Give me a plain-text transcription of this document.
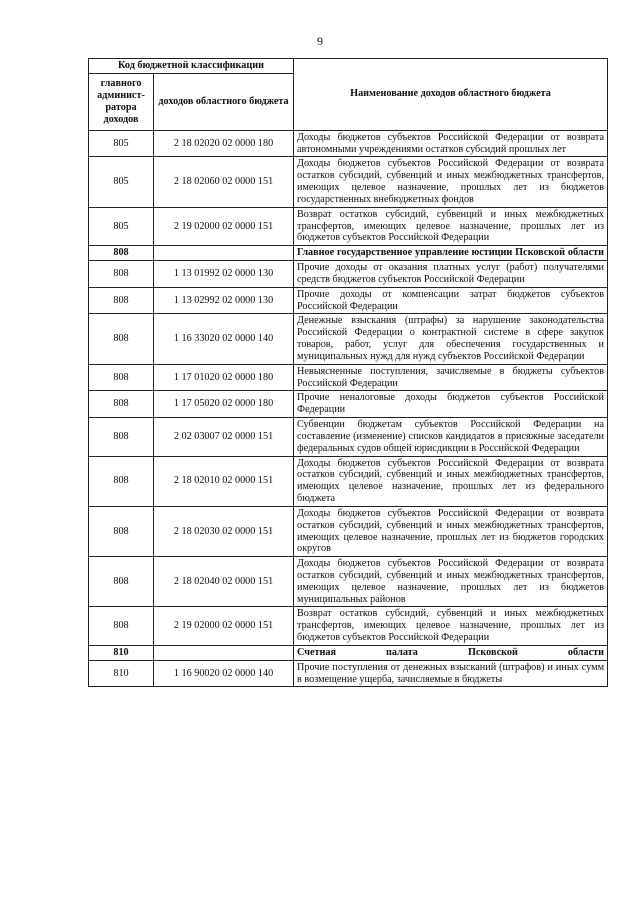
9
Код бюджетной классификации		Наименование доходов областного бюджета
главного админист-ратора доходов	доходов областного бюджета	
805	2 18 02020 02 0000 180	Доходы бюджетов субъектов Российской Федерации от возврата автономными учреждениями остатков субсидий прошлых лет
805	2 18 02060 02 0000 151	Доходы бюджетов субъектов Российской Федерации от возврата остатков субсидий, субвенций и иных межбюджетных трансфертов, имеющих целевое назначение, прошлых лет из бюджетов государственных внебюджетных фондов
805	2 19 02000 02 0000 151	Возврат остатков субсидий, субвенций и иных межбюджетных трансфертов, имеющих целевое назначение, прошлых лет из бюджетов субъектов Российской Федерации
808		Главное государственное управление юстиции Псковской области
808	1 13 01992 02 0000 130	Прочие доходы от оказания платных услуг (работ) получателями средств бюджетов субъектов Российской Федерации
808	1 13 02992 02 0000 130	Прочие доходы от компенсации затрат бюджетов субъектов Российской Федерации
808	1 16 33020 02 0000 140	Денежные взыскания (штрафы) за нарушение законодательства Российской Федерации о контрактной системе в сфере закупок товаров, работ, услуг для обеспечения государственных и муниципальных нужд для нужд субъектов Российской Федерации
808	1 17 01020 02 0000 180	Невыясненные поступления, зачисляемые в бюджеты субъектов Российской Федерации
808	1 17 05020 02 0000 180	Прочие неналоговые доходы бюджетов субъектов Российской Федерации
808	2 02 03007 02 0000 151	Субвенции бюджетам субъектов Российской Федерации на составление (изменение) списков кандидатов в присяжные заседатели федеральных судов общей юрисдикции в Российской Федерации
808	2 18 02010 02 0000 151	Доходы бюджетов субъектов Российской Федерации от возврата остатков субсидий, субвенций и иных межбюджетных трансфертов, имеющих целевое назначение, прошлых лет из федерального бюджета
808	2 18 02030 02 0000 151	Доходы бюджетов субъектов Российской Федерации от возврата остатков субсидий, субвенций и иных межбюджетных трансфертов, имеющих целевое назначение, прошлых лет из бюджетов городских округов
808	2 18 02040 02 0000 151	Доходы бюджетов субъектов Российской Федерации от возврата остатков субсидий, субвенций и иных межбюджетных трансфертов, имеющих целевое назначение, прошлых лет из бюджетов муниципальных районов
808	2 19 02000 02 0000 151	Возврат остатков субсидий, субвенций и иных межбюджетных трансфертов, имеющих целевое назначение, прошлых лет из бюджетов субъектов Российской Федерации
810		Счетная палата Псковской области
810	1 16 90020 02 0000 140	Прочие поступления от денежных взысканий (штрафов) и иных сумм в возмещение ущерба, зачисляемые в бюджеты
